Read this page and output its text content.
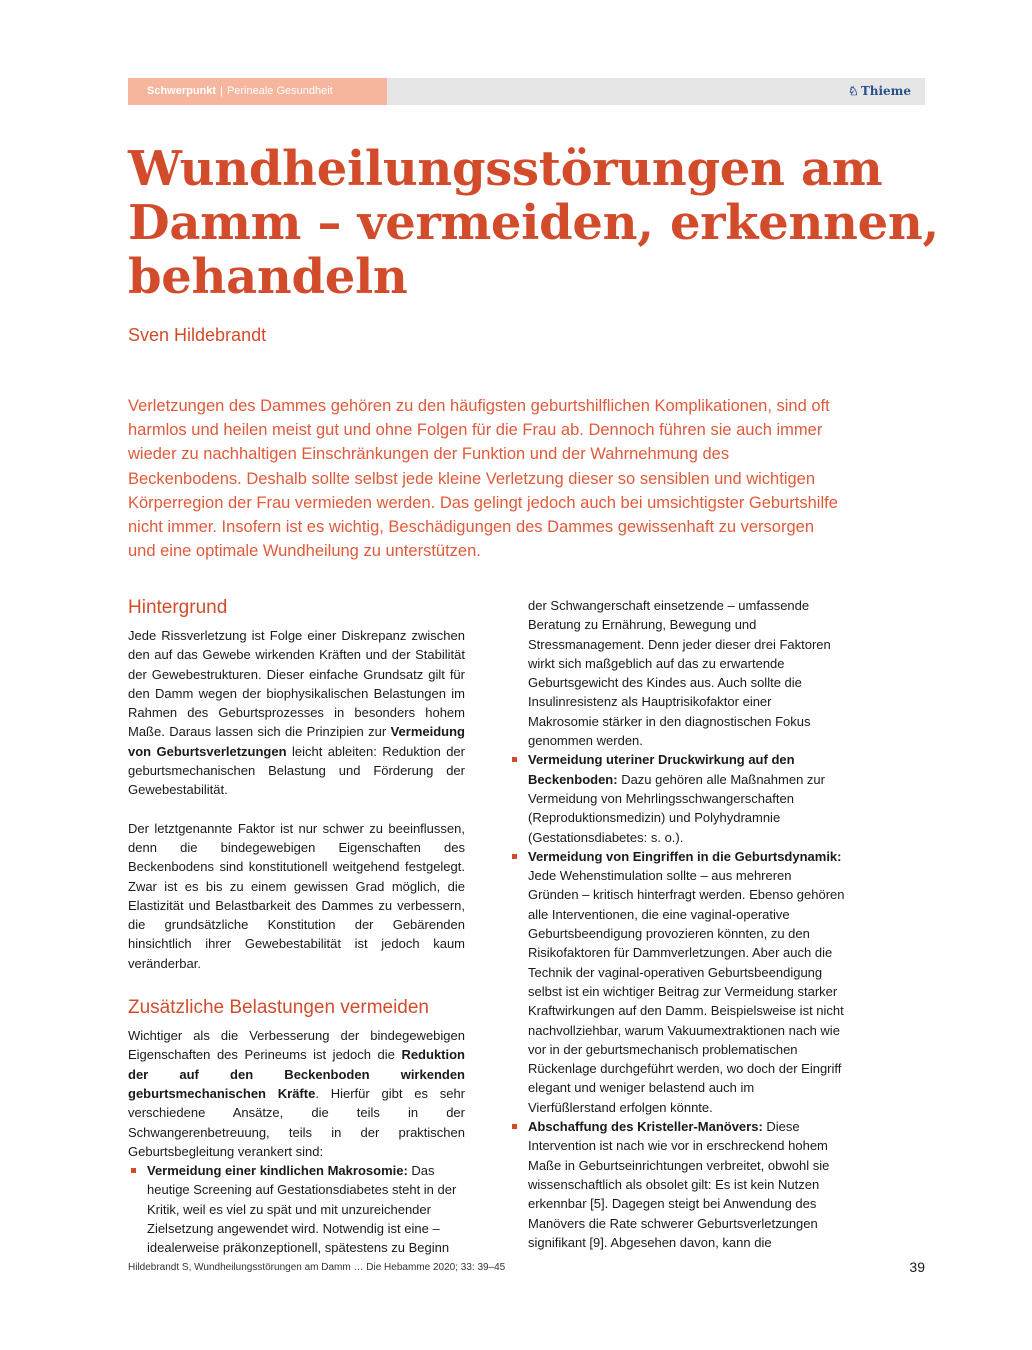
Schwerpunkt | Perineale Gesundheit	♘ Thieme
Wundheilungsstörungen am Damm – vermeiden, erkennen, behandeln
Sven Hildebrandt

Verletzungen des Dammes gehören zu den häufigsten geburtshilflichen Komplikationen, sind oft harmlos und heilen meist gut und ohne Folgen für die Frau ab. Dennoch führen sie auch immer wieder zu nachhaltigen Einschränkungen der Funktion und der Wahrnehmung des Beckenbodens. Deshalb sollte selbst jede kleine Verletzung dieser so sensiblen und wichtigen Körperregion der Frau vermieden werden. Das gelingt jedoch auch bei umsichtigster Geburtshilfe nicht immer. Insofern ist es wichtig, Beschädigungen des Dammes gewissenhaft zu versorgen und eine optimale Wundheilung zu unterstützen.

Hintergrund

Jede Rissverletzung ist Folge einer Diskrepanz zwischen den auf das Gewebe wirkenden Kräften und der Stabilität der Gewebestrukturen. Dieser einfache Grundsatz gilt für den Damm wegen der biophysikalischen Belastungen im Rahmen des Geburtsprozesses in besonders hohem Maße. Daraus lassen sich die Prinzipien zur Vermeidung von Geburtsverletzungen leicht ableiten: Reduktion der geburtsmechanischen Belastung und Förderung der Gewebestabilität.

Der letztgenannte Faktor ist nur schwer zu beeinflussen, denn die bindegewebigen Eigenschaften des Beckenbodens sind konstitutionell weitgehend festgelegt. Zwar ist es bis zu einem gewissen Grad möglich, die Elastizität und Belastbarkeit des Dammes zu verbessern, die grundsätzliche Konstitution der Gebärenden hinsichtlich ihrer Gewebestabilität ist jedoch kaum veränderbar.

Zusätzliche Belastungen vermeiden

Wichtiger als die Verbesserung der bindegewebigen Eigenschaften des Perineums ist jedoch die Reduktion der auf den Beckenboden wirkenden geburtsmechanischen Kräfte. Hierfür gibt es sehr verschiedene Ansätze, die teils in der Schwangerenbetreuung, teils in der praktischen Geburtsbegleitung verankert sind:

Vermeidung einer kindlichen Makrosomie: Das heutige Screening auf Gestationsdiabetes steht in der Kritik, weil es viel zu spät und mit unzureichender Zielsetzung angewendet wird. Notwendig ist eine – idealerweise präkonzeptionell, spätestens zu Beginn

der Schwangerschaft einsetzende – umfassende Beratung zu Ernährung, Bewegung und Stressmanagement. Denn jeder dieser drei Faktoren wirkt sich maßgeblich auf das zu erwartende Geburtsgewicht des Kindes aus. Auch sollte die Insulinresistenz als Hauptrisikofaktor einer Makrosomie stärker in den diagnostischen Fokus genommen werden.

Vermeidung uteriner Druckwirkung auf den Beckenboden: Dazu gehören alle Maßnahmen zur Vermeidung von Mehrlingsschwangerschaften (Reproduktionsmedizin) und Polyhydramnie (Gestationsdiabetes: s. o.).
Vermeidung von Eingriffen in die Geburtsdynamik: Jede Wehenstimulation sollte – aus mehreren Gründen – kritisch hinterfragt werden. Ebenso gehören alle Interventionen, die eine vaginal-operative Geburtsbeendigung provozieren könnten, zu den Risikofaktoren für Dammverletzungen. Aber auch die Technik der vaginal-operativen Geburtsbeendigung selbst ist ein wichtiger Beitrag zur Vermeidung starker Kraftwirkungen auf den Damm. Beispielsweise ist nicht nachvollziehbar, warum Vakuumextraktionen nach wie vor in der geburtsmechanisch problematischen Rückenlage durchgeführt werden, wo doch der Eingriff elegant und weniger belastend auch im Vierfüßlerstand erfolgen könnte.
Abschaffung des Kristeller-Manövers: Diese Intervention ist nach wie vor in erschreckend hohem Maße in Geburtseinrichtungen verbreitet, obwohl sie wissenschaftlich als obsolet gilt: Es ist kein Nutzen erkennbar [5]. Dagegen steigt bei Anwendung des Manövers die Rate schwerer Geburtsverletzungen signifikant [9]. Abgesehen davon, kann die
Hildebrandt S, Wundheilungsstörungen am Damm … Die Hebamme 2020; 33: 39–45	39
